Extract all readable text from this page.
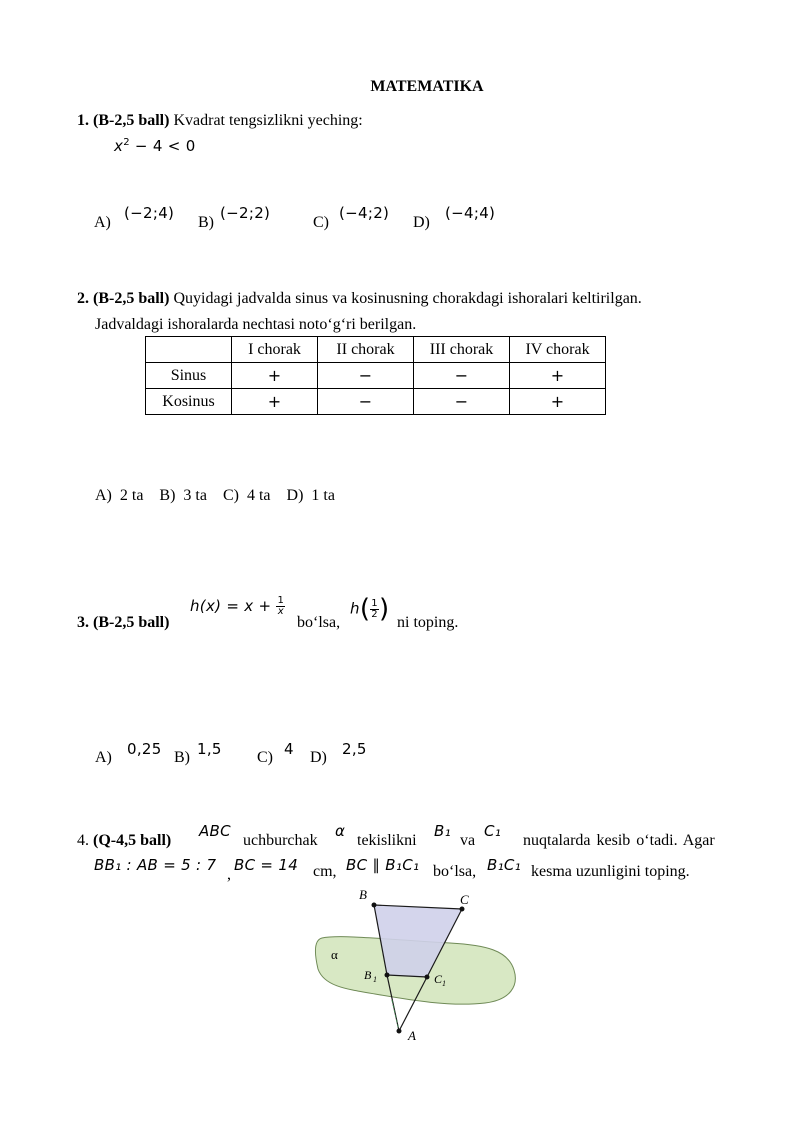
MATEMATIKA
1. (B-2,5 ball) Kvadrat tengsizlikni yeching:
$x^2 - 4 < 0$
A)
(−2;4)
B)
(−2;2)
C)
(−4;2)
D)
(−4;4)
2. (B-2,5 ball) Quyidagi jadvalda sinus va kosinusning chorakdagi ishoralari keltirilgan.
Jadvaldagi ishoralarda nechtasi noto‘g‘ri berilgan.
	I chorak	II chorak	III chorak	IV chorak
Sinus	+	−	−	+
Kosinus	+	−	−	+
A)  2 ta    B)  3 ta    C)  4 ta    D)  1 ta
3. (B-2,5 ball)
$h(x) = x + \frac{1}{x}$
bo‘lsa,
$h( \frac{1}{2}$ ) ni toping.
A) 0,25 B) 1,5 C) 4 D) 2,5
4. (Q-4,5 ball)
ABC
uchburchak
α
tekislikni
B₁
va
C₁
nuqtalarda kesib o‘tadi. Agar
BB₁ : AB = 5 : 7
,
BC = 14 cm, BC ∥ B₁C₁ bo‘lsa, B₁C₁ kesma uzunligini toping.
B	C
α
B 1	C 1
A
